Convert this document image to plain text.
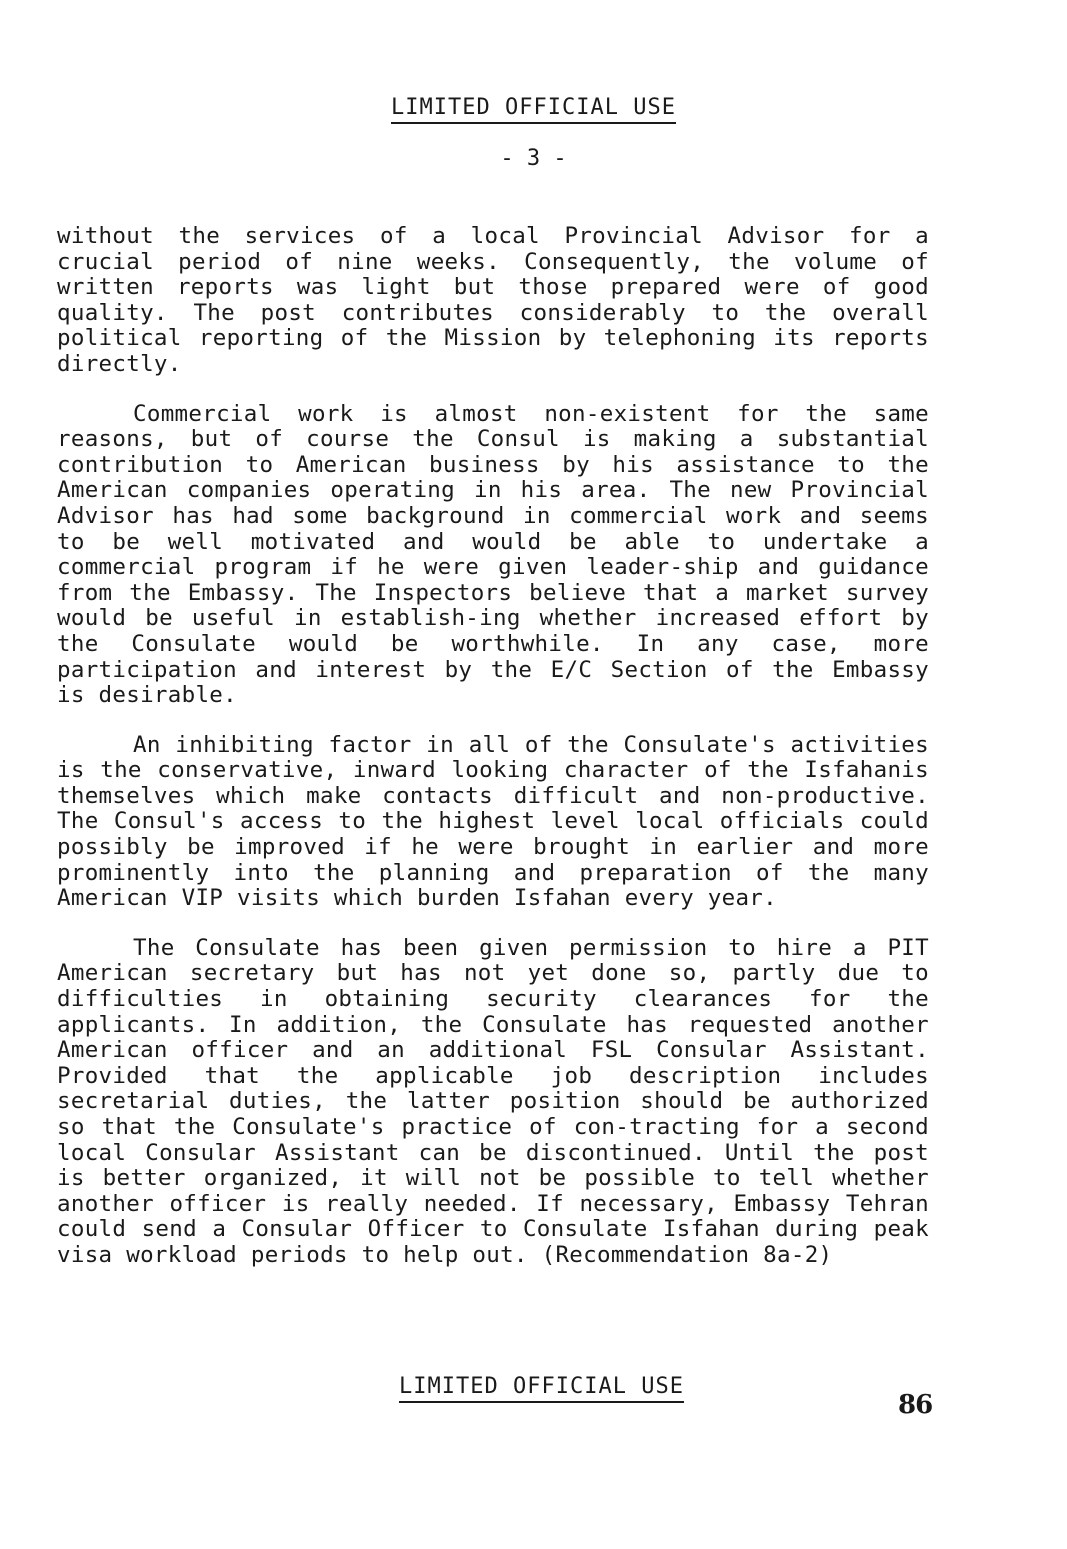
LIMITED OFFICIAL USE
- 3 -

without the services of a local Provincial Advisor for a crucial period of nine weeks. Consequently, the volume of written reports was light but those prepared were of good quality. The post contributes considerably to the overall political reporting of the Mission by telephoning its reports directly.

Commercial work is almost non-existent for the same reasons, but of course the Consul is making a substantial contribution to American business by his assistance to the American companies operating in his area. The new Provincial Advisor has had some background in commercial work and seems to be well motivated and would be able to undertake a commercial program if he were given leader-ship and guidance from the Embassy. The Inspectors believe that a market survey would be useful in establish-ing whether increased effort by the Consulate would be worthwhile. In any case, more participation and interest by the E/C Section of the Embassy is desirable.

An inhibiting factor in all of the Consulate's activities is the conservative, inward looking character of the Isfahanis themselves which make contacts difficult and non-productive. The Consul's access to the highest level local officials could possibly be improved if he were brought in earlier and more prominently into the planning and preparation of the many American VIP visits which burden Isfahan every year.

The Consulate has been given permission to hire a PIT American secretary but has not yet done so, partly due to difficulties in obtaining security clearances for the applicants. In addition, the Consulate has requested another American officer and an additional FSL Consular Assistant. Provided that the applicable job description includes secretarial duties, the latter position should be authorized so that the Consulate's practice of con-tracting for a second local Consular Assistant can be discontinued. Until the post is better organized, it will not be possible to tell whether another officer is really needed. If necessary, Embassy Tehran could send a Consular Officer to Consulate Isfahan during peak visa workload periods to help out. (Recommendation 8a-2)

LIMITED OFFICIAL USE
86
